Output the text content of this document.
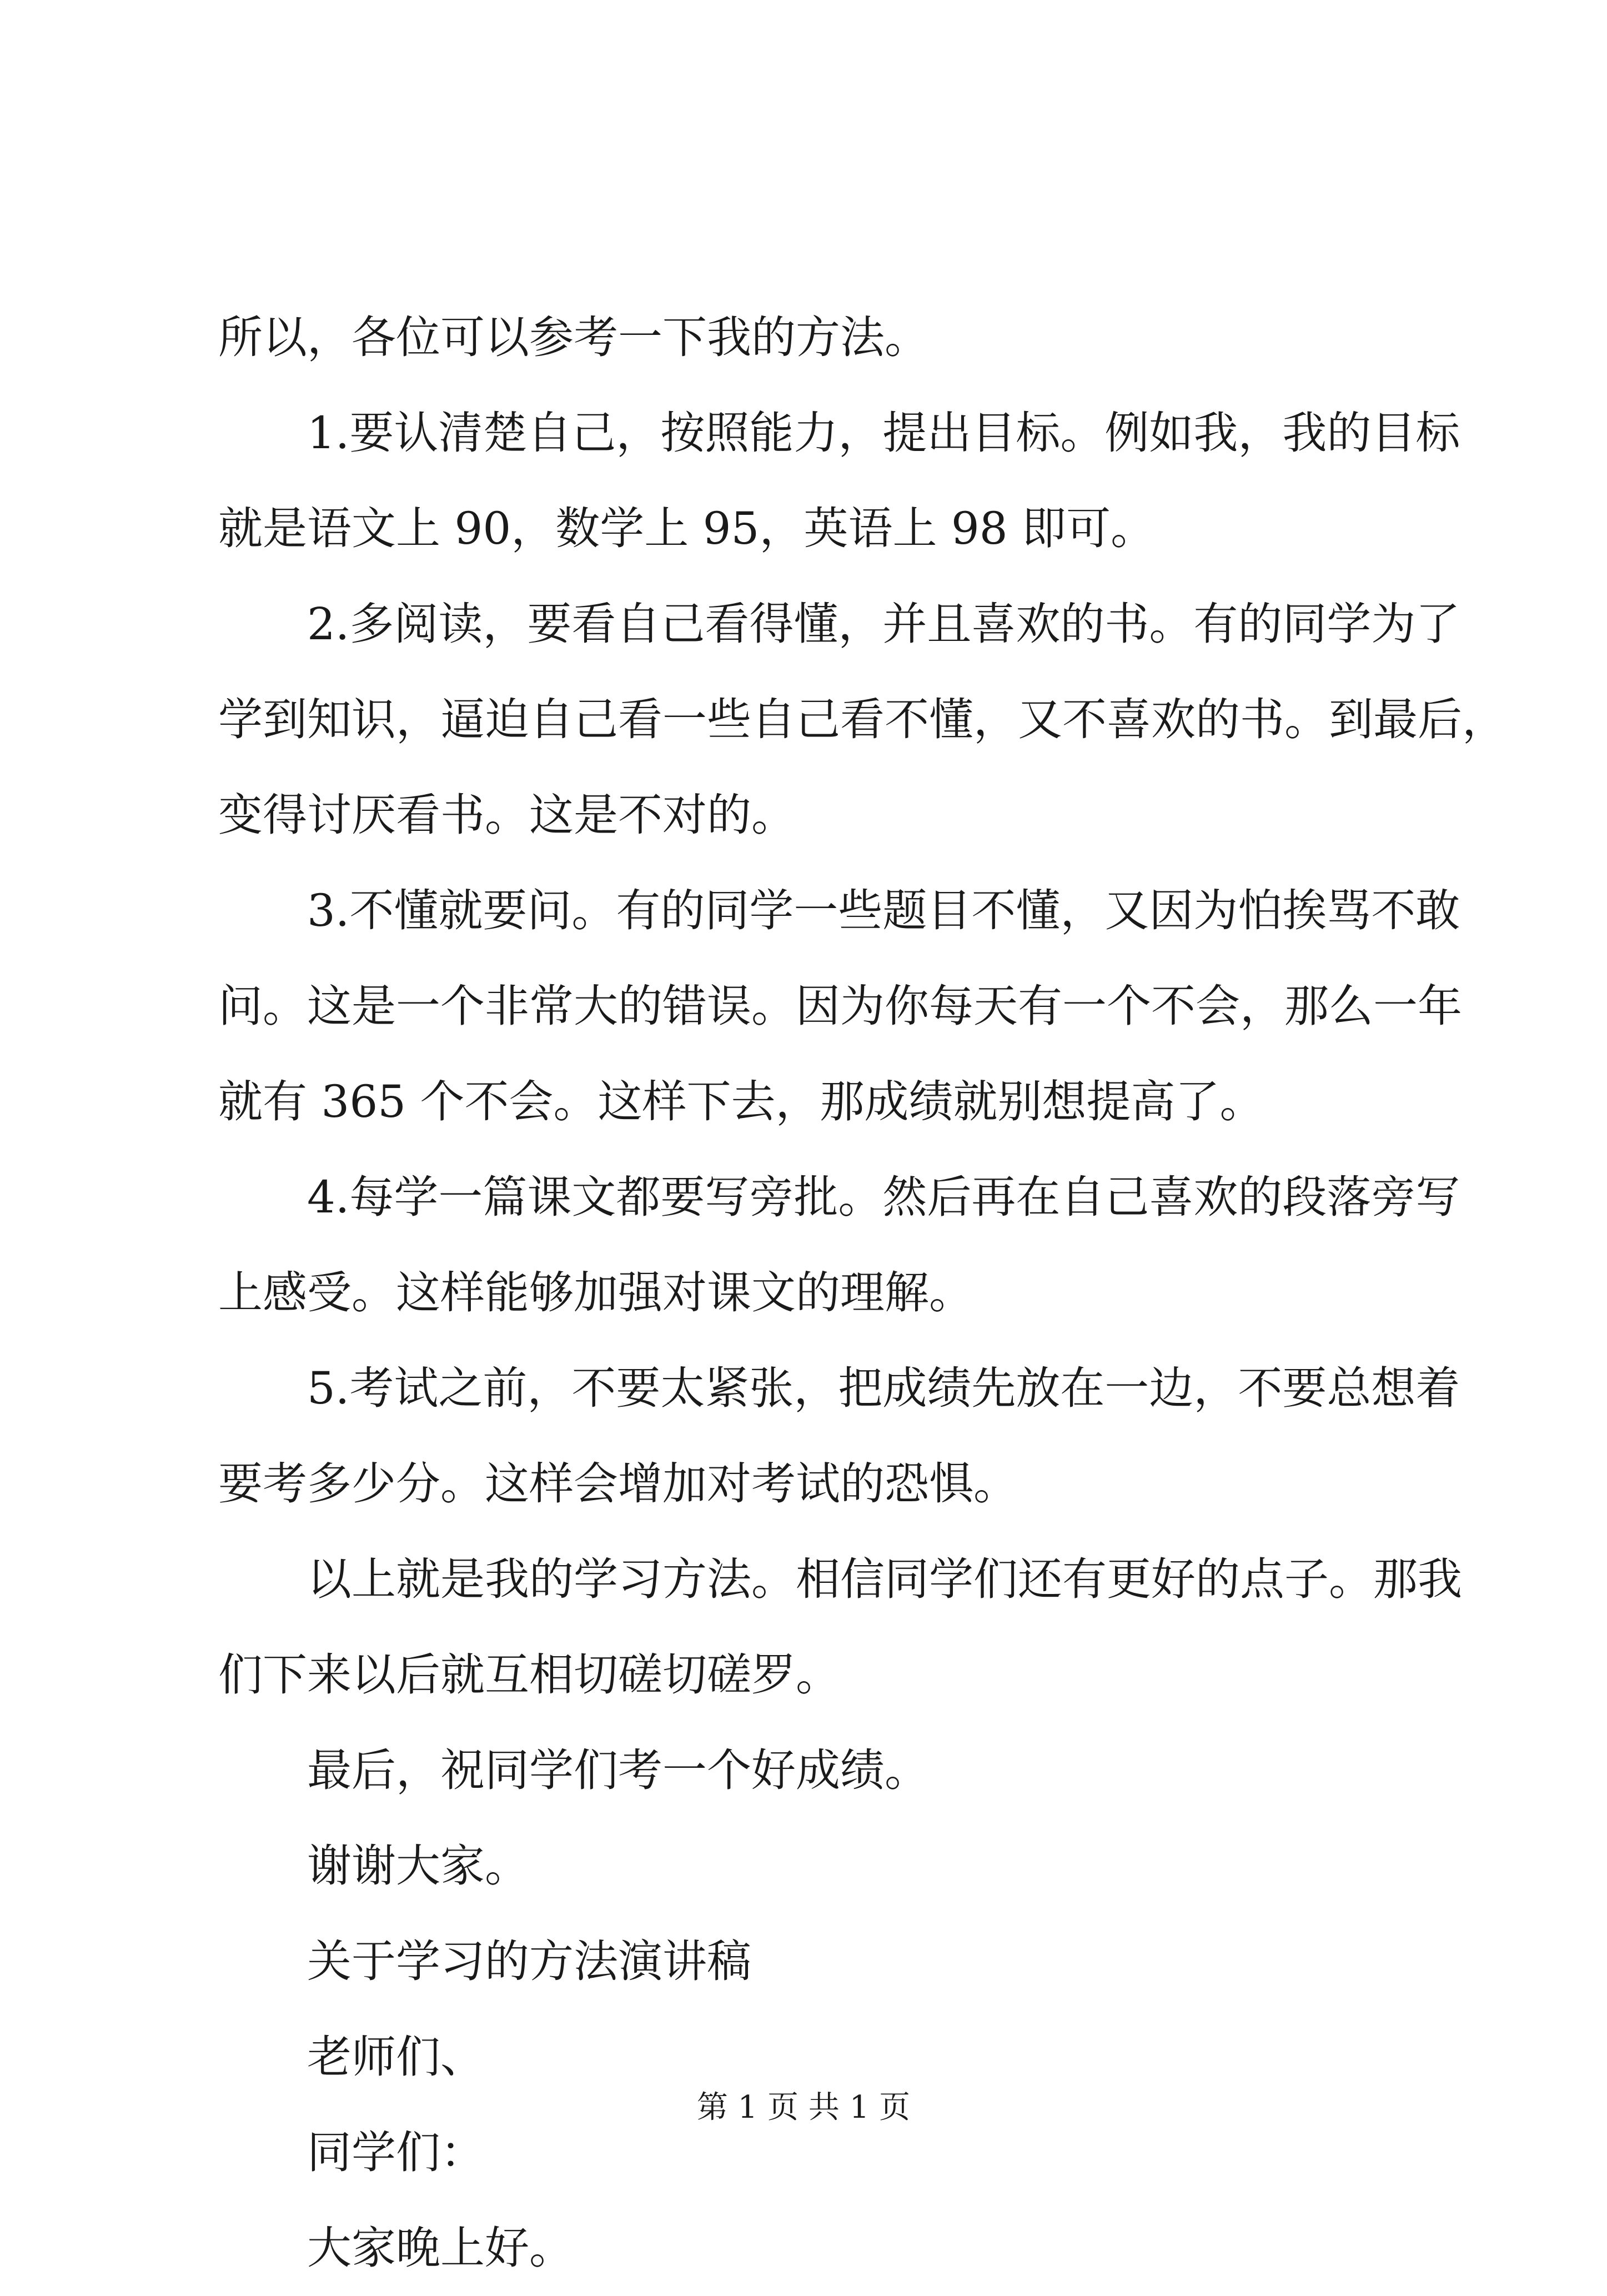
所以，各位可以参考一下我的方法。
1.要认清楚自己，按照能力，提出目标。例如我，我的目标
就是语文上 90，数学上 95，英语上 98 即可。
2.多阅读，要看自己看得懂，并且喜欢的书。有的同学为了
学到知识，逼迫自己看一些自己看不懂，又不喜欢的书。到最后，
变得讨厌看书。这是不对的。
3.不懂就要问。有的同学一些题目不懂，又因为怕挨骂不敢
问。这是一个非常大的错误。因为你每天有一个不会，那么一年
就有 365 个不会。这样下去，那成绩就别想提高了。
4.每学一篇课文都要写旁批。然后再在自己喜欢的段落旁写
上感受。这样能够加强对课文的理解。
5.考试之前，不要太紧张，把成绩先放在一边，不要总想着
要考多少分。这样会增加对考试的恐惧。
以上就是我的学习方法。相信同学们还有更好的点子。那我
们下来以后就互相切磋切磋罗。
最后，祝同学们考一个好成绩。
谢谢大家。
关于学习的方法演讲稿
老师们、
同学们：
大家晚上好。
第 1 页 共 1 页
